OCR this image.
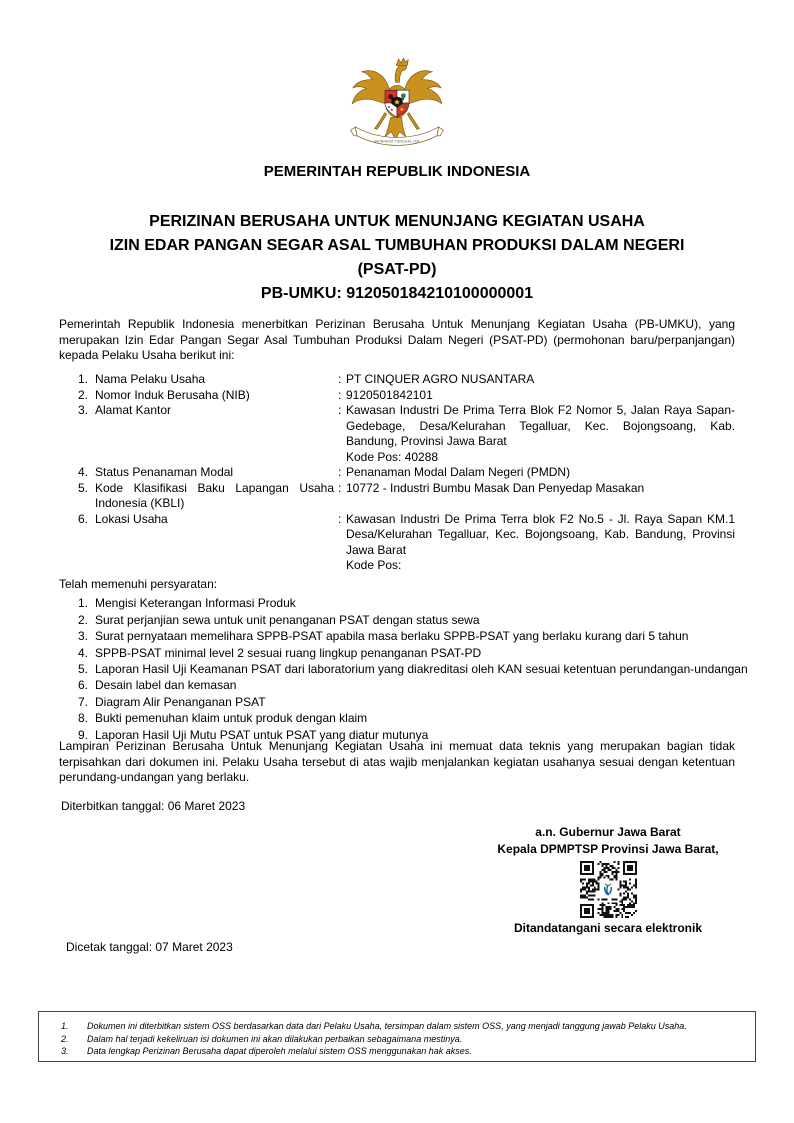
BHINNEKA TUNGGAL IKA
PEMERINTAH REPUBLIK INDONESIA
PERIZINAN BERUSAHA UNTUK MENUNJANG KEGIATAN USAHA
IZIN EDAR PANGAN SEGAR ASAL TUMBUHAN PRODUKSI DALAM NEGERI
(PSAT-PD)
PB-UMKU: 912050184210100000001
Pemerintah Republik Indonesia menerbitkan Perizinan Berusaha Untuk Menunjang Kegiatan Usaha (PB-UMKU), yang merupakan Izin Edar Pangan Segar Asal Tumbuhan Produksi Dalam Negeri (PSAT-PD) (permohonan baru/perpanjangan) kepada Pelaku Usaha berikut ini:
1. Nama Pelaku Usaha	: PT CINQUER AGRO NUSANTARA
2. Nomor Induk Berusaha (NIB)	: 9120501842101
3. Alamat Kantor	: Kawasan Industri De Prima Terra Blok F2 Nomor 5, Jalan Raya Sapan-Gedebage, Desa/Kelurahan Tegalluar, Kec. Bojongsoang, Kab. Bandung, Provinsi Jawa Barat
Kode Pos: 40288
4. Status Penanaman Modal	: Penanaman Modal Dalam Negeri (PMDN)
5. Kode Klasifikasi Baku Lapangan Usaha Indonesia (KBLI)
: 10772 - Industri Bumbu Masak Dan Penyedap Masakan
6. Lokasi Usaha	: Kawasan Industri De Prima Terra blok F2 No.5 - Jl. Raya Sapan KM.1 Desa/Kelurahan Tegalluar, Kec. Bojongsoang, Kab. Bandung, Provinsi Jawa Barat
Kode Pos:
Telah memenuhi persyaratan:
1. Mengisi Keterangan Informasi Produk
2. Surat perjanjian sewa untuk unit penanganan PSAT dengan status sewa
3. Surat pernyataan memelihara SPPB-PSAT apabila masa berlaku SPPB-PSAT yang berlaku kurang dari 5 tahun
4. SPPB-PSAT minimal level 2 sesuai ruang lingkup penanganan PSAT-PD
5. Laporan Hasil Uji Keamanan PSAT dari laboratorium yang diakreditasi oleh KAN sesuai ketentuan perundangan-undangan
6. Desain label dan kemasan
7. Diagram Alir Penanganan PSAT
8. Bukti pemenuhan klaim untuk produk dengan klaim
9. Laporan Hasil Uji Mutu PSAT untuk PSAT yang diatur mutunya
Lampiran Perizinan Berusaha Untuk Menunjang Kegiatan Usaha ini memuat data teknis yang merupakan bagian tidak terpisahkan dari dokumen ini. Pelaku Usaha tersebut di atas wajib menjalankan kegiatan usahanya sesuai dengan ketentuan perundang-undangan yang berlaku.
Diterbitkan tanggal: 06 Maret 2023
a.n. Gubernur Jawa Barat
Kepala DPMPTSP Provinsi Jawa Barat,
Ditandatangani secara elektronik
Dicetak tanggal: 07 Maret 2023
1.	Dokumen ini diterbitkan sistem OSS berdasarkan data dari Pelaku Usaha, tersimpan dalam sistem OSS, yang menjadi tanggung jawab Pelaku Usaha.
2.	Dalam hal terjadi kekeliruan isi dokumen ini akan dilakukan perbaikan sebagaimana mestinya.
3.	Data lengkap Perizinan Berusaha dapat diperoleh melalui sistem OSS menggunakan hak akses.
